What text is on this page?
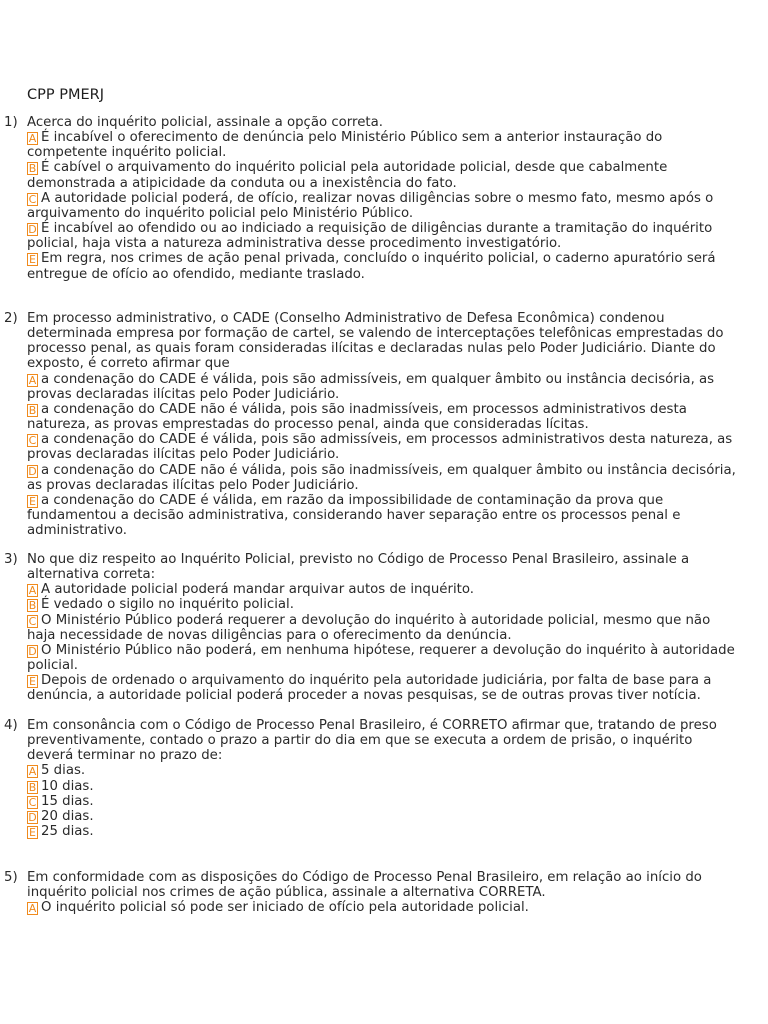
CPP PMERJ
1) Acerca do inquérito policial, assinale a opção correta.

A É incabível o oferecimento de denúncia pelo Ministério Público sem a anterior instauração do competente inquérito policial.

B É cabível o arquivamento do inquérito policial pela autoridade policial, desde que cabalmente demonstrada a atipicidade da conduta ou a inexistência do fato.

C A autoridade policial poderá, de ofício, realizar novas diligências sobre o mesmo fato, mesmo após o arquivamento do inquérito policial pelo Ministério Público.

D É incabível ao ofendido ou ao indiciado a requisição de diligências durante a tramitação do inquérito policial, haja vista a natureza administrativa desse procedimento investigatório.

E Em regra, nos crimes de ação penal privada, concluído o inquérito policial, o caderno apuratório será entregue de ofício ao ofendido, mediante traslado.

2) Em processo administrativo, o CADE (Conselho Administrativo de Defesa Econômica) condenou determinada empresa por formação de cartel, se valendo de interceptações telefônicas emprestadas do processo penal, as quais foram consideradas ilícitas e declaradas nulas pelo Poder Judiciário. Diante do exposto, é correto afirmar que

A a condenação do CADE é válida, pois são admissíveis, em qualquer âmbito ou instância decisória, as provas declaradas ilícitas pelo Poder Judiciário.

B a condenação do CADE não é válida, pois são inadmissíveis, em processos administrativos desta natureza, as provas emprestadas do processo penal, ainda que consideradas lícitas.

C a condenação do CADE é válida, pois são admissíveis, em processos administrativos desta natureza, as provas declaradas ilícitas pelo Poder Judiciário.

D a condenação do CADE não é válida, pois são inadmissíveis, em qualquer âmbito ou instância decisória, as provas declaradas ilícitas pelo Poder Judiciário.

E a condenação do CADE é válida, em razão da impossibilidade de contaminação da prova que fundamentou a decisão administrativa, considerando haver separação entre os processos penal e administrativo.

3) No que diz respeito ao Inquérito Policial, previsto no Código de Processo Penal Brasileiro, assinale a alternativa correta:

A A autoridade policial poderá mandar arquivar autos de inquérito.

B É vedado o sigilo no inquérito policial.

C O Ministério Público poderá requerer a devolução do inquérito à autoridade policial, mesmo que não haja necessidade de novas diligências para o oferecimento da denúncia.

D O Ministério Público não poderá, em nenhuma hipótese, requerer a devolução do inquérito à autoridade policial.

E Depois de ordenado o arquivamento do inquérito pela autoridade judiciária, por falta de base para a denúncia, a autoridade policial poderá proceder a novas pesquisas, se de outras provas tiver notícia.

4) Em consonância com o Código de Processo Penal Brasileiro, é CORRETO afirmar que, tratando de preso preventivamente, contado o prazo a partir do dia em que se executa a ordem de prisão, o inquérito deverá terminar no prazo de:

A 5 dias.

B 10 dias.

C 15 dias.

D 20 dias.

E 25 dias.

5) Em conformidade com as disposições do Código de Processo Penal Brasileiro, em relação ao início do inquérito policial nos crimes de ação pública, assinale a alternativa CORRETA.

A O inquérito policial só pode ser iniciado de ofício pela autoridade policial.
